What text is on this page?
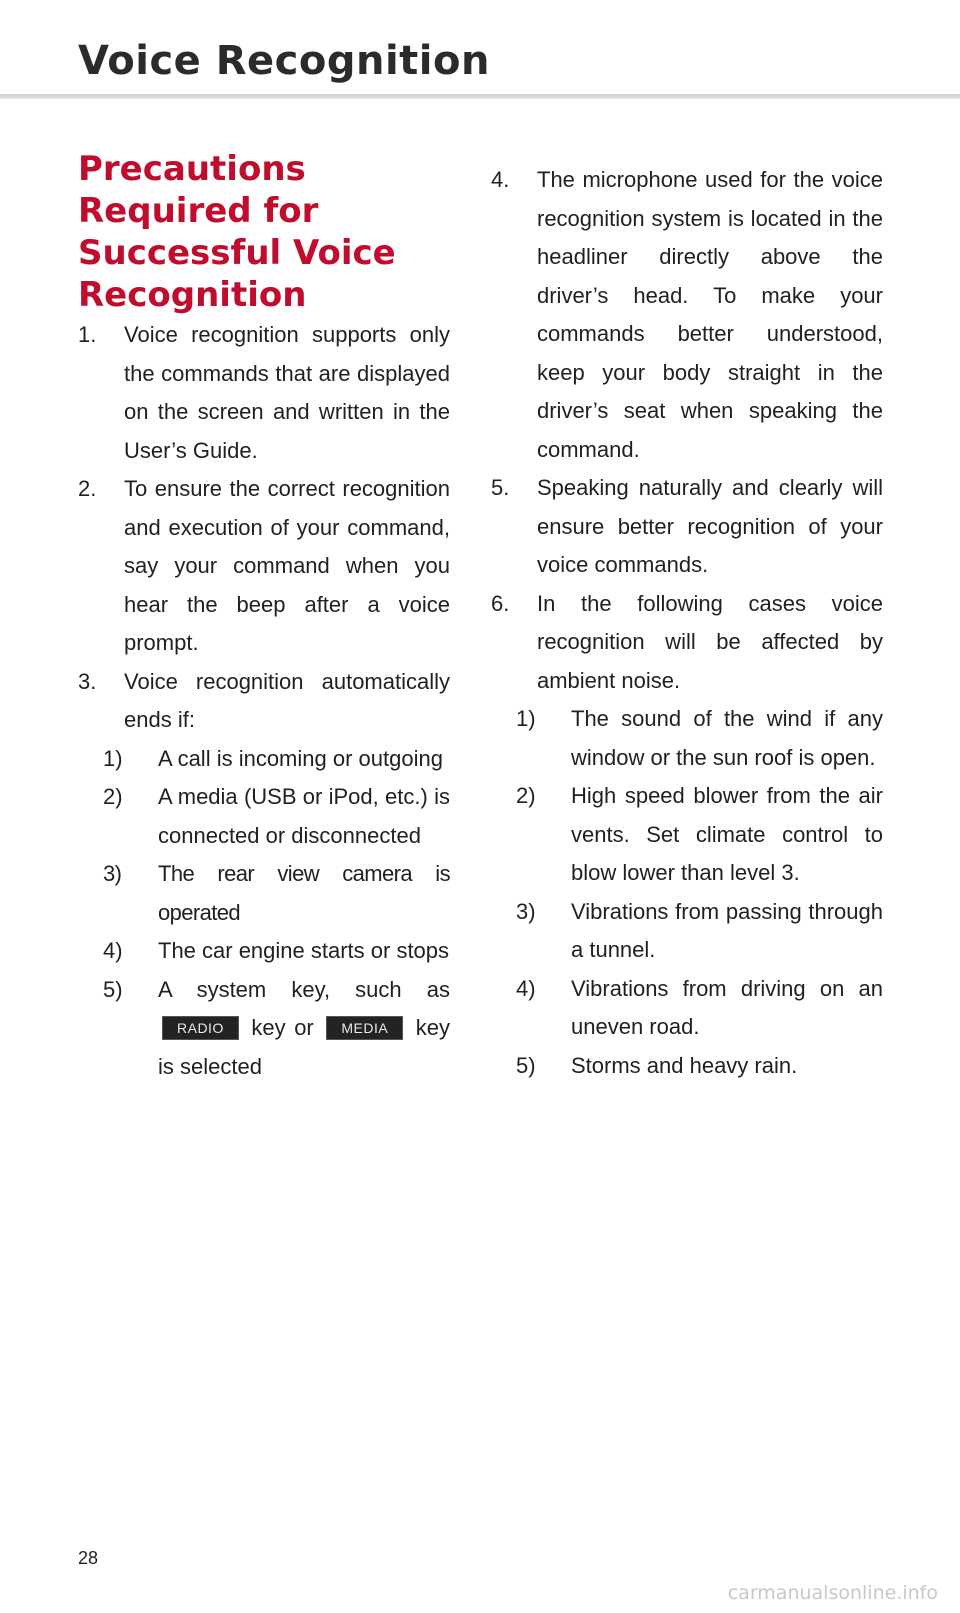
Voice Recognition
Precautions Required for Successful Voice Recognition
1. Voice recognition supports only the commands that are displayed on the screen and written in the User’s Guide.
2. To ensure the correct recognition and execution of your command, say your command when you hear the beep after a voice prompt.
3. Voice recognition automatically ends if:
1) A call is incoming or outgoing
2) A media (USB or iPod, etc.) is connected or disconnected
3) The rear view camera is operated
4) The car engine starts or stops
5) A system key, such as RADIO key or MEDIA key is selected
4. The microphone used for the voice recognition system is located in the headliner directly above the driver’s head. To make your commands better understood, keep your body straight in the driver’s seat when speaking the command.
5. Speaking naturally and clearly will ensure better recognition of your voice commands.
6. In the following cases voice recognition will be affected by ambient noise.
1) The sound of the wind if any window or the sun roof is open.
2) High speed blower from the air vents. Set climate control to blow lower than level 3.
3) Vibrations from passing through a tunnel.
4) Vibrations from driving on an uneven road.
5) Storms and heavy rain.
28
carmanualsonline.info
